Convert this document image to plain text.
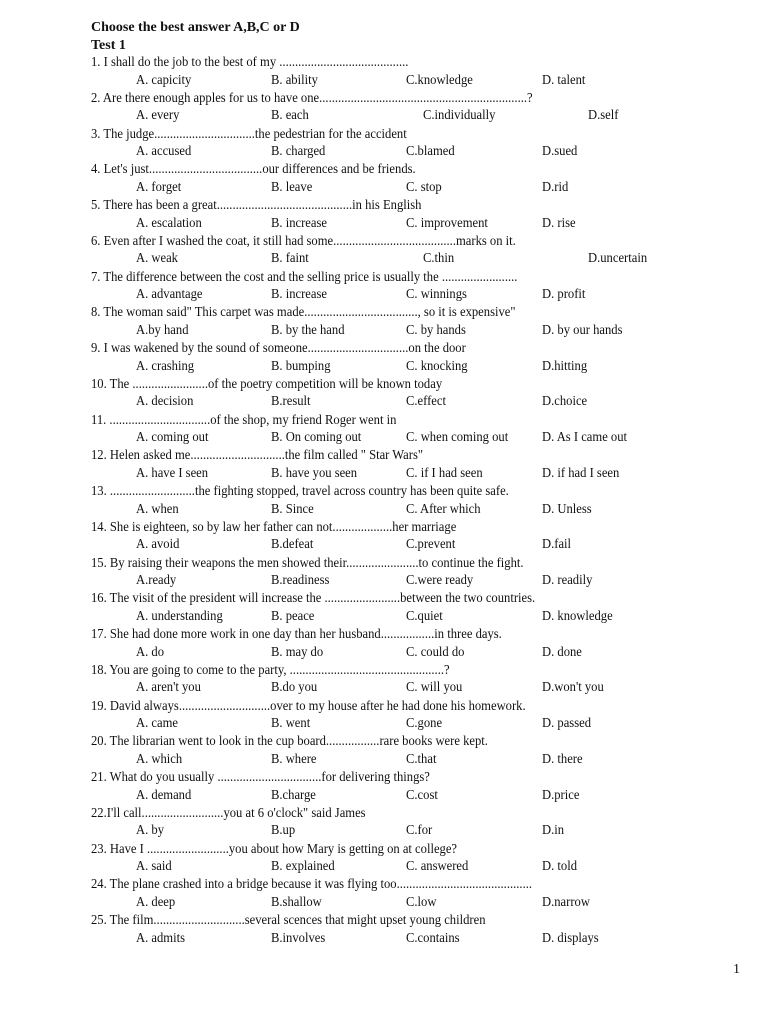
Choose the best answer A,B,C or D
Test 1
1. I shall do the job to the best of my .........................................
A. capicity	B. ability	C.knowledge	D. talent
2. Are there enough apples for us to have one..................................................................?
A. every	B. each	C.individually	D.self
3. The judge................................the pedestrian for the accident
A. accused	B. charged	C.blamed	D.sued
4. Let's just....................................our differences and be friends.
A. forget	B. leave	C. stop	D.rid
5. There has been a great...........................................in his English
A. escalation	B. increase	C. improvement	D. rise
6. Even after I washed the coat, it still had some.......................................marks on it.
A. weak	B. faint	C.thin	D.uncertain
7. The difference between the cost and the selling price is usually the ........................
A. advantage	B. increase	C. winnings	D. profit
8. The woman said" This carpet was made...................................., so it is expensive"
A.by hand	B. by the hand	C. by hands	D. by our hands
9. I was wakened by the sound of someone................................on the door
A. crashing	B. bumping	C. knocking	D.hitting
10. The ........................of the poetry competition will be known today
A. decision	B.result	C.effect	D.choice
11. ................................of the shop, my friend Roger went in
A. coming out	B. On coming out	C. when coming out D. As I came out
12. Helen asked me..............................the film called " Star Wars"
A. have I seen	B. have you seen	C. if I had seen	D. if had I seen
13. ...........................the fighting stopped, travel across country has been quite safe.
A. when	B. Since	C. After which	D. Unless
14. She is eighteen, so by law her father can not...................her marriage
A. avoid	B.defeat	C.prevent	D.fail
15. By raising their weapons the men showed their.......................to continue the fight.
A.ready	B.readiness	C.were ready	D. readily
16. The visit of the president will increase the ........................between the two countries.
A. understanding	B. peace	C.quiet	D. knowledge
17. She had done more work in one day than her husband.................in three days.
A. do	B. may do	C. could do	D. done
18. You are going to come to the party, .................................................?
A. aren't you	B.do you	C. will you	D.won't you
19. David always.............................over to my house after he had done his homework.
A. came	B. went	C.gone	D. passed
20. The librarian went to look in the cup board.................rare books were kept.
A. which	B. where	C.that	D. there
21. What do you usually .................................for delivering things?
A. demand	B.charge	C.cost	D.price
22.I'll call..........................you at 6 o'clock" said James
A. by	B.up	C.for	D.in
23. Have I ..........................you about how Mary is getting on at college?
A. said	B. explained	C. answered	D. told
24. The plane crashed into a bridge because it was flying too...........................................
A. deep	B.shallow	C.low	D.narrow
25. The film.............................several scences that might upset young children
A. admits	B.involves	C.contains	D. displays
1
